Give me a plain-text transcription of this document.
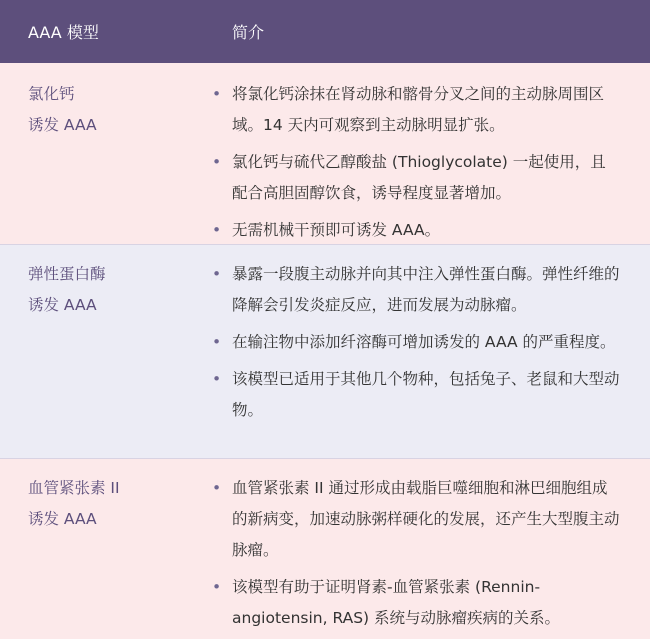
AAA 模型	简介
氯化钙
诱发 AAA
• 将氯化钙涂抹在肾动脉和髂骨分叉之间的主动脉周围区域。14 天内可观察到主动脉明显扩张。
• 氯化钙与硫代乙醇酸盐 (Thioglycolate) 一起使用，且配合高胆固醇饮食，诱导程度显著增加。
• 无需机械干预即可诱发 AAA。
弹性蛋白酶
诱发 AAA
• 暴露一段腹主动脉并向其中注入弹性蛋白酶。弹性纤维的降解会引发炎症反应，进而发展为动脉瘤。
• 在输注物中添加纤溶酶可增加诱发的 AAA 的严重程度。
• 该模型已适用于其他几个物种，包括兔子、老鼠和大型动物。
血管紧张素 II
诱发 AAA
• 血管紧张素 II 通过形成由载脂巨噬细胞和淋巴细胞组成的新病变，加速动脉粥样硬化的发展，还产生大型腹主动脉瘤。
• 该模型有助于证明肾素-血管紧张素 (Rennin-angiotensin, RAS) 系统与动脉瘤疾病的关系。
